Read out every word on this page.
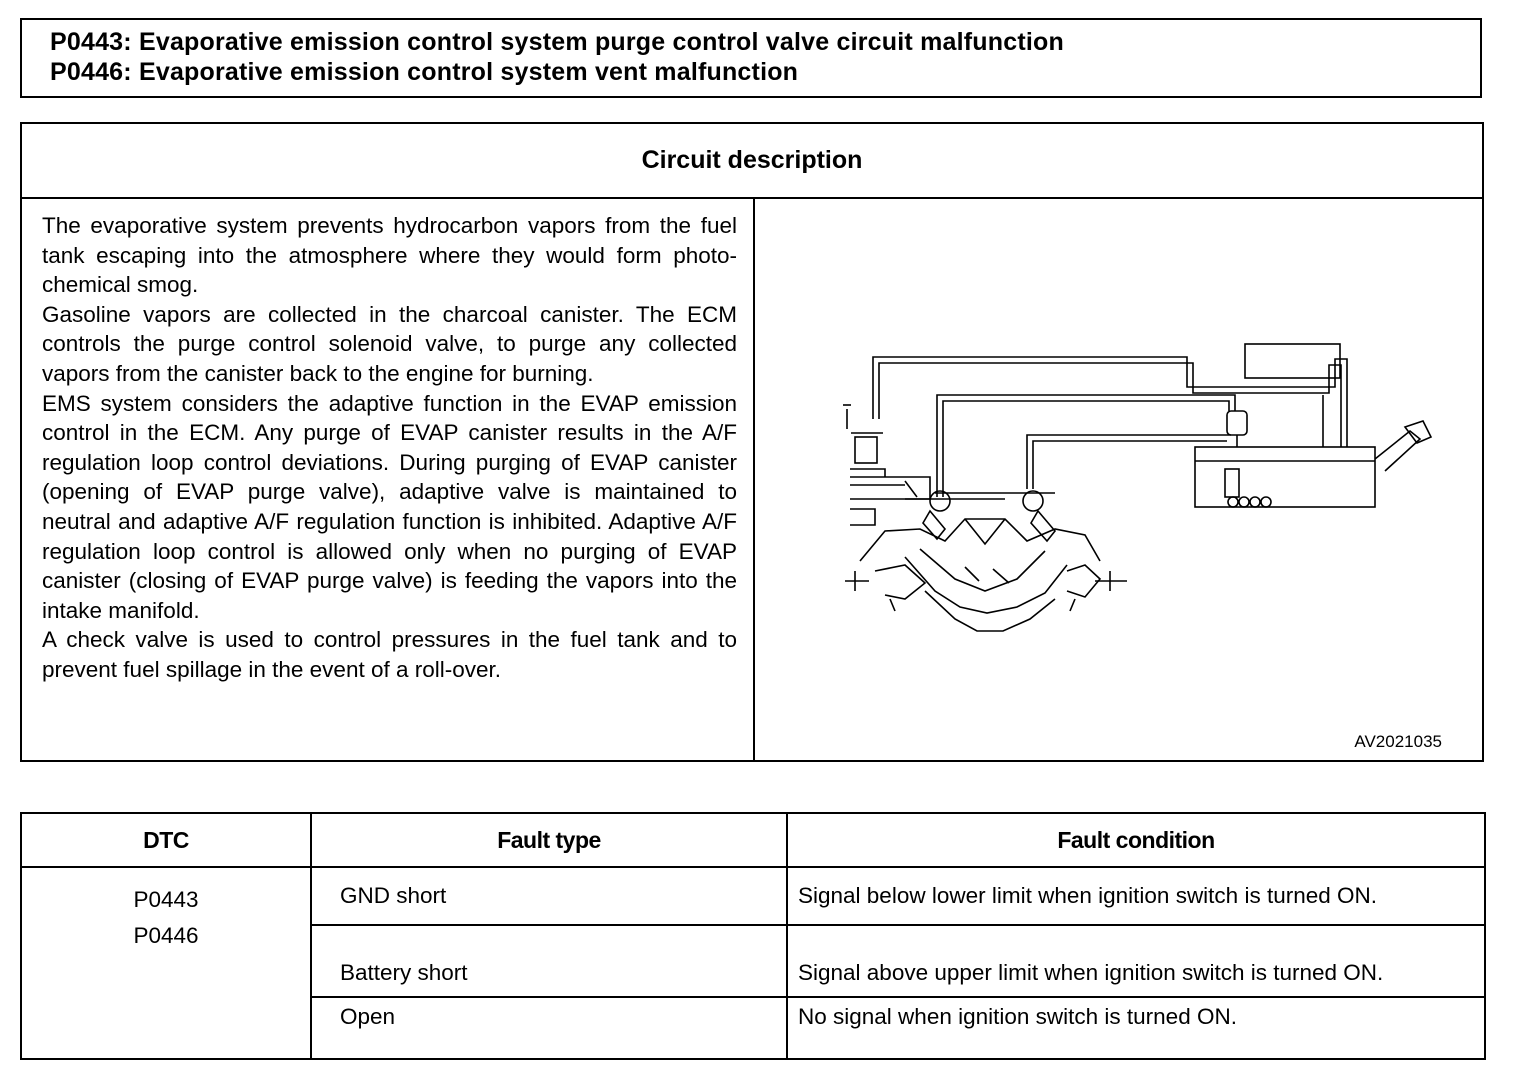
P0443: Evaporative emission control system purge control valve circuit malfunction
P0446: Evaporative emission control system vent malfunction
Circuit description

The evaporative system prevents hydrocarbon vapors from the fuel tank escaping into the atmosphere where they would form photo-chemical smog.

Gasoline vapors are collected in the charcoal canister. The ECM controls the purge control solenoid valve, to purge any collected vapors from the canister back to the engine for burning.

EMS system considers the adaptive function in the EVAP emission control in the ECM. Any purge of EVAP canister results in the A/F regulation loop control deviations. During purging of EVAP canister (opening of EVAP purge valve), adaptive valve is maintained to neutral and adaptive A/F regulation function is inhibited. Adaptive A/F regulation loop control is allowed only when no purging of EVAP canister (closing of EVAP purge valve) is feeding the vapors into the intake manifold.

A check valve is used to control pressures in the fuel tank and to prevent fuel spillage in the event of a roll-over.

AV2021035
DTC	Fault type	Fault condition

P0443
P0446	GND short	Signal below lower limit when ignition switch is turned ON.
	Battery short	Signal above upper limit when ignition switch is turned ON.
	Open	No signal when ignition switch is turned ON.
